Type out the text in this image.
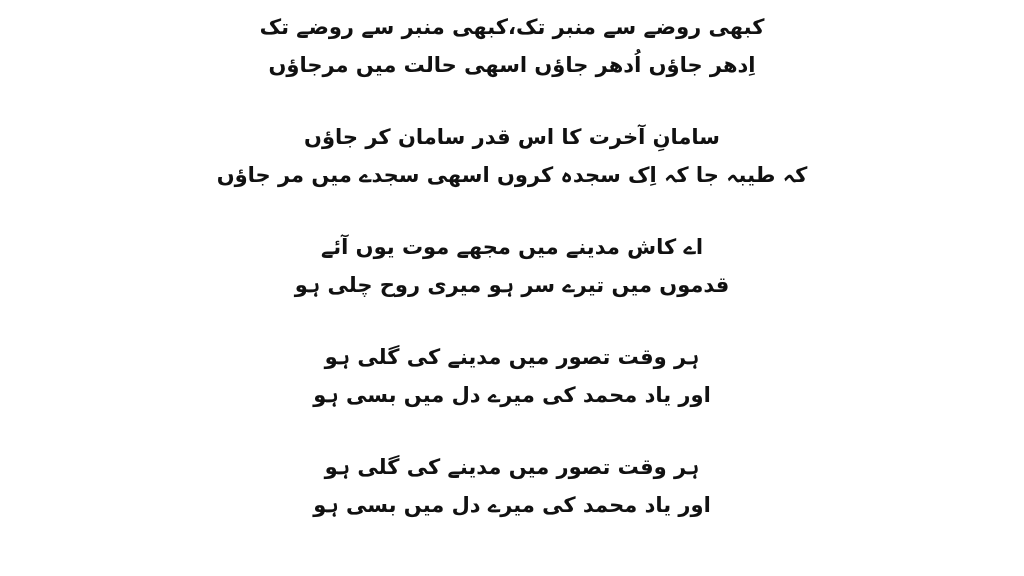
کبھی روضے سے منبر تک،کبھی منبر سے روضے تک
اِدھر جاؤں اُدھر جاؤں اسھی حالت میں مرجاؤں
سامانِ آخرت کا اس قدر سامان کر جاؤں
کہ طیبہ جا کہ اِک سجدہ کروں اسھی سجدے میں مر جاؤں
اے کاش مدینے میں مجھے موت یوں آئے
قدموں میں تیرے سر ہو میری روح چلی ہو
ہر وقت تصور میں مدینے کی گلی ہو
اور یاد محمد کی میرے دل میں بسی ہو
ہر وقت تصور میں مدینے کی گلی ہو
اور یاد محمد کی میرے دل میں بسی ہو
